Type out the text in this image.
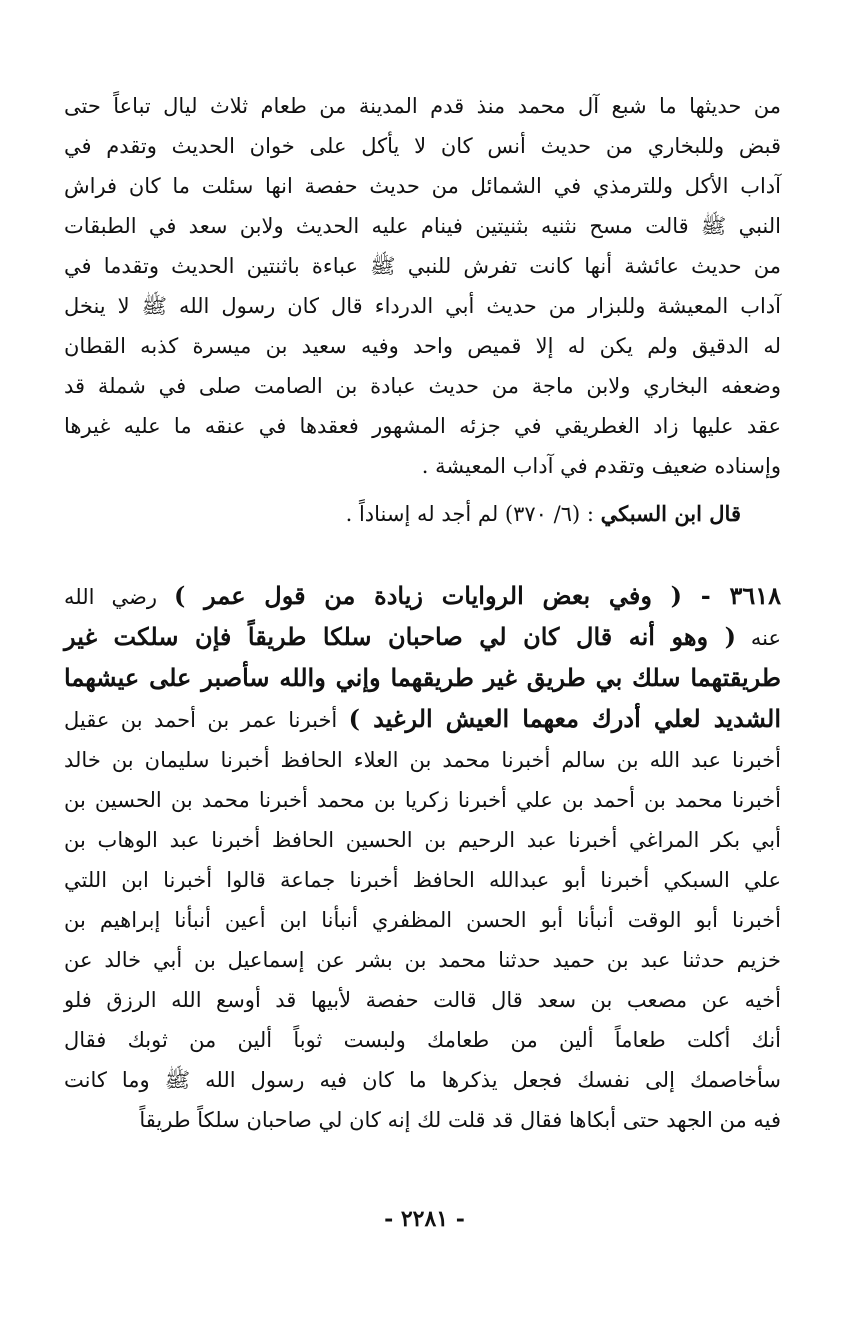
من حديثها ما شبع آل محمد منذ قدم المدينة من طعام ثلاث ليال تباعاً حتى
قبض وللبخاري من حديث أنس كان لا يأكل على خوان الحديث وتقدم في
آداب الأكل وللترمذي في الشمائل من حديث حفصة انها سئلت ما كان فراش
النبي ﷺ قالت مسح نثنيه بثنيتين فينام عليه الحديث ولابن سعد في الطبقات
من حديث عائشة أنها كانت تفرش للنبي ﷺ عباءة باثنتين الحديث وتقدما في
آداب المعيشة وللبزار من حديث أبي الدرداء قال كان رسول الله ﷺ لا ينخل
له الدقيق ولم يكن له إلا قميص واحد وفيه سعيد بن ميسرة كذبه القطان
وضعفه البخاري ولابن ماجة من حديث عبادة بن الصامت صلى في شملة قد
عقد عليها زاد الغطريقي في جزئه المشهور فعقدها في عنقه ما عليه غيرها
وإسناده ضعيف وتقدم في آداب المعيشة .

قال ابن السبكي : (٦/ ٣٧٠) لم أجد له إسناداً .

٣٦١٨ - ( وفي بعض الروايات زيادة من قول عمر ) رضي الله
عنه ( وهو أنه قال كان لي صاحبان سلكا طريقاً فإن سلكت غير
طريقتهما سلك بي طريق غير طريقهما وإني والله سأصبر على عيشهما
الشديد لعلي أدرك معهما العيش الرغيد ) أخبرنا عمر بن أحمد بن عقيل
أخبرنا عبد الله بن سالم أخبرنا محمد بن العلاء الحافظ أخبرنا سليمان بن خالد
أخبرنا محمد بن أحمد بن علي أخبرنا زكريا بن محمد أخبرنا محمد بن الحسين بن
أبي بكر المراغي أخبرنا عبد الرحيم بن الحسين الحافظ أخبرنا عبد الوهاب بن
علي السبكي أخبرنا أبو عبدالله الحافظ أخبرنا جماعة قالوا أخبرنا ابن اللتي
أخبرنا أبو الوقت أنبأنا أبو الحسن المظفري أنبأنا ابن أعين أنبأنا إبراهيم بن
خزيم حدثنا عبد بن حميد حدثنا محمد بن بشر عن إسماعيل بن أبي خالد عن
أخيه عن مصعب بن سعد قال قالت حفصة لأبيها قد أوسع الله الرزق فلو
أنك أكلت طعاماً ألين من طعامك ولبست ثوباً ألين من ثوبك فقال
سأخاصمك إلى نفسك فجعل يذكرها ما كان فيه رسول الله ﷺ وما كانت
فيه من الجهد حتى أبكاها فقال قد قلت لك إنه كان لي صاحبان سلكاً طريقاً
- ٢٢٨١ -
